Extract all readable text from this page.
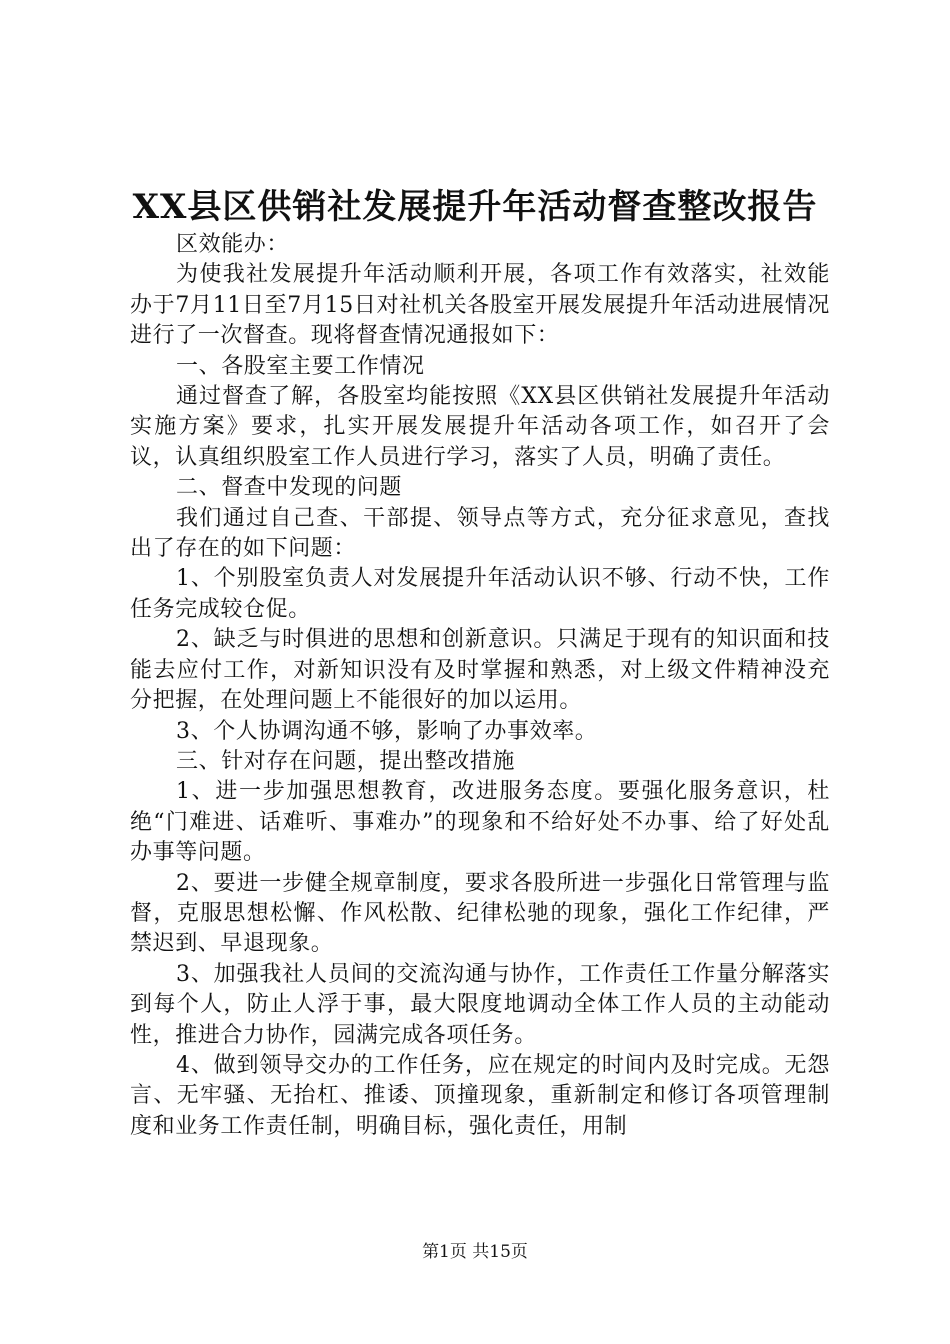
XX县区供销社发展提升年活动督查整改报告

区效能办：

为使我社发展提升年活动顺利开展，各项工作有效落实，社效能办于7月11日至7月15日对社机关各股室开展发展提升年活动进展情况进行了一次督查。现将督查情况通报如下：

一、各股室主要工作情况

通过督查了解，各股室均能按照《XX县区供销社发展提升年活动实施方案》要求，扎实开展发展提升年活动各项工作，如召开了会议，认真组织股室工作人员进行学习，落实了人员，明确了责任。

二、督查中发现的问题

我们通过自己查、干部提、领导点等方式，充分征求意见，查找出了存在的如下问题：

1、个别股室负责人对发展提升年活动认识不够、行动不快，工作任务完成较仓促。

2、缺乏与时俱进的思想和创新意识。只满足于现有的知识面和技能去应付工作，对新知识没有及时掌握和熟悉，对上级文件精神没充分把握，在处理问题上不能很好的加以运用。

3、个人协调沟通不够，影响了办事效率。

三、针对存在问题，提出整改措施

1、进一步加强思想教育，改进服务态度。要强化服务意识，杜绝“门难进、话难听、事难办”的现象和不给好处不办事、给了好处乱办事等问题。

2、要进一步健全规章制度，要求各股所进一步强化日常管理与监督，克服思想松懈、作风松散、纪律松驰的现象，强化工作纪律，严禁迟到、早退现象。

3、加强我社人员间的交流沟通与协作，工作责任工作量分解落实到每个人，防止人浮于事，最大限度地调动全体工作人员的主动能动性，推进合力协作，园满完成各项任务。

4、做到领导交办的工作任务，应在规定的时间内及时完成。无怨言、无牢骚、无抬杠、推诿、顶撞现象，重新制定和修订各项管理制度和业务工作责任制，明确目标，强化责任，用制

第1页 共15页
